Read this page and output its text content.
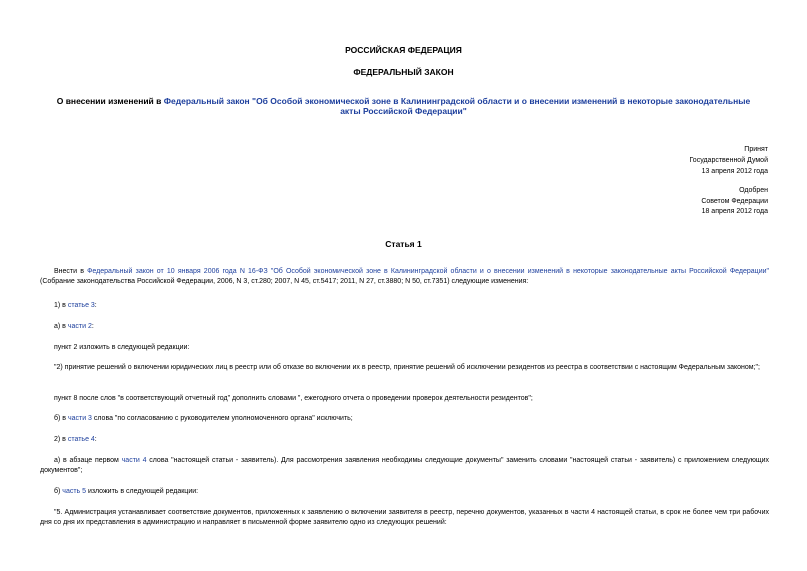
РОССИЙСКАЯ ФЕДЕРАЦИЯ
ФЕДЕРАЛЬНЫЙ ЗАКОН
О внесении изменений в Федеральный закон "Об Особой экономической зоне в Калининградской области и о внесении изменений в некоторые законодательные
акты Российской Федерации"
Принят
Государственной Думой
13 апреля 2012 года
Одобрен
Советом Федерации
18 апреля 2012 года
Статья 1
Внести в Федеральный закон от 10 января 2006 года N 16-ФЗ "Об Особой экономической зоне в Калининградской области и о внесении изменений в некоторые законодательные акты Российской Федерации" (Собрание законодательства Российской Федерации, 2006, N 3, ст.280; 2007, N 45, ст.5417; 2011, N 27, ст.3880; N 50, ст.7351) следующие изменения:
1) в статье 3:
а) в части 2:
пункт 2 изложить в следующей редакции:
"2) принятие решений о включении юридических лиц в реестр или об отказе во включении их в реестр, принятие решений об исключении резидентов из реестра в соответствии с настоящим Федеральным законом;";
пункт 8 после слов "в соответствующий отчетный год" дополнить словами ", ежегодного отчета о проведении проверок деятельности резидентов";
б) в части 3 слова "по согласованию с руководителем уполномоченного органа" исключить;
2) в статье 4:
а) в абзаце первом части 4 слова "настоящей статьи - заявитель). Для рассмотрения заявления необходимы следующие документы" заменить словами "настоящей статьи - заявитель) с приложением следующих документов";
б) часть 5 изложить в следующей редакции:
"5. Администрация устанавливает соответствие документов, приложенных к заявлению о включении заявителя в реестр, перечню документов, указанных в части 4 настоящей статьи, в срок не более чем три рабочих дня со дня их представления в администрацию и направляет в письменной форме заявителю одно из следующих решений:
